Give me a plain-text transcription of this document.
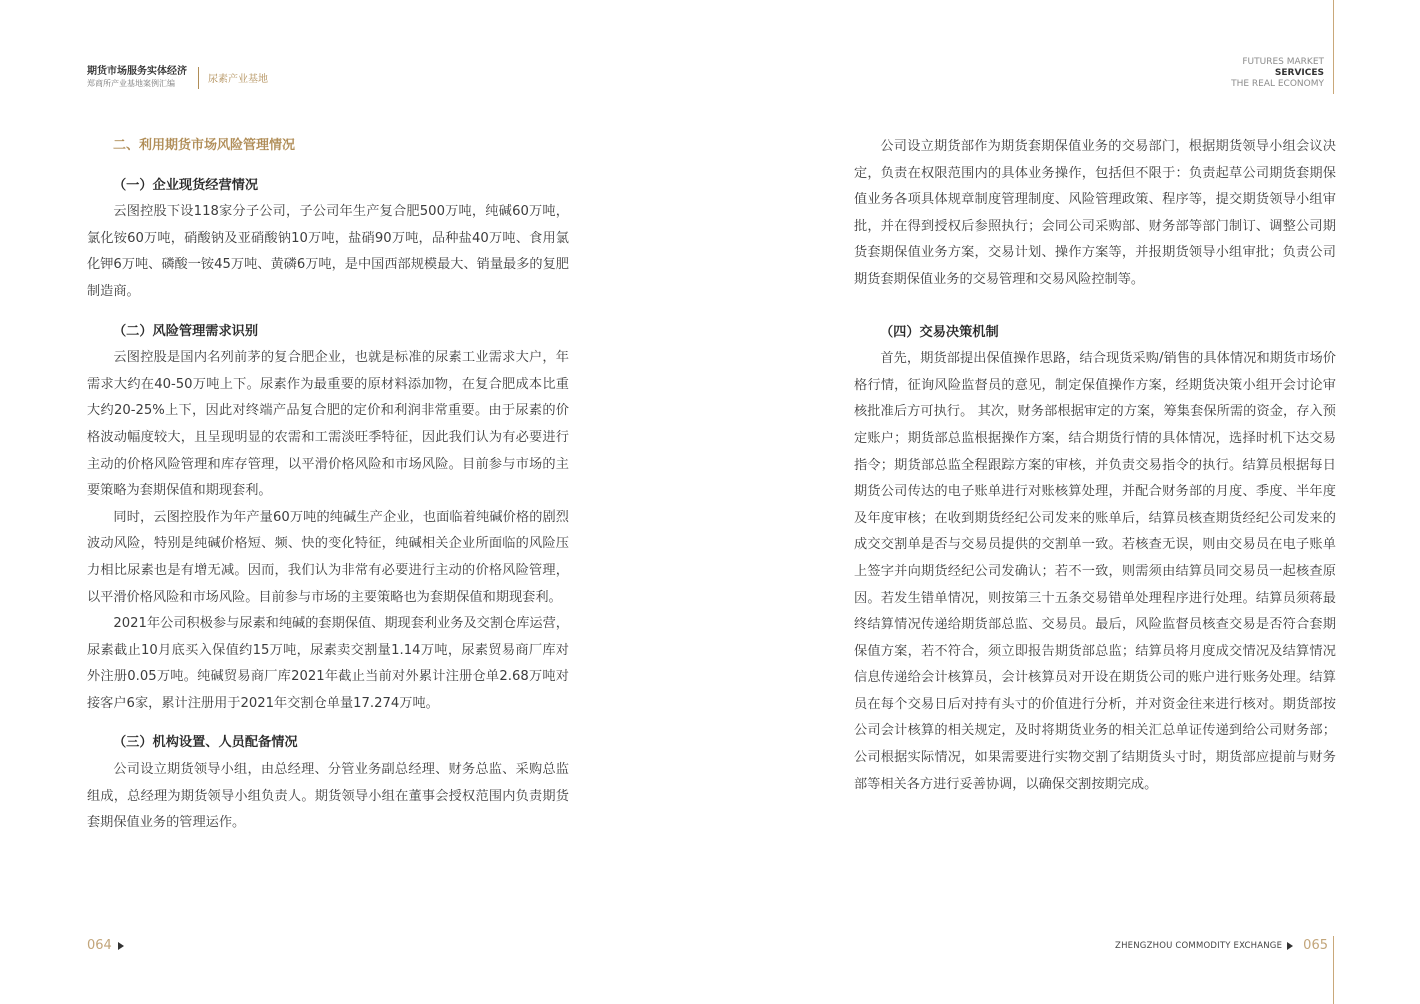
期货市场服务实体经济
郑商所产业基地案例汇编	尿素产业基地
FUTURES MARKET
SERVICES
THE REAL ECONOMY
二、利用期货市场风险管理情况
（一）企业现货经营情况

云图控股下设118家分子公司，子公司年生产复合肥500万吨，纯碱60万吨，氯化铵60万吨，硝酸钠及亚硝酸钠10万吨，盐硝90万吨，品种盐40万吨、食用氯化钾6万吨、磷酸一铵45万吨、黄磷6万吨，是中国西部规模最大、销量最多的复肥制造商。

（二）风险管理需求识别

云图控股是国内名列前茅的复合肥企业，也就是标准的尿素工业需求大户，年需求大约在40-50万吨上下。尿素作为最重要的原材料添加物，在复合肥成本比重大约20-25%上下，因此对终端产品复合肥的定价和利润非常重要。由于尿素的价格波动幅度较大，且呈现明显的农需和工需淡旺季特征，因此我们认为有必要进行主动的价格风险管理和库存管理，以平滑价格风险和市场风险。目前参与市场的主要策略为套期保值和期现套利。

同时，云图控股作为年产量60万吨的纯碱生产企业，也面临着纯碱价格的剧烈波动风险，特别是纯碱价格短、频、快的变化特征，纯碱相关企业所面临的风险压力相比尿素也是有增无减。因而，我们认为非常有必要进行主动的价格风险管理，以平滑价格风险和市场风险。目前参与市场的主要策略也为套期保值和期现套利。

2021年公司积极参与尿素和纯碱的套期保值、期现套利业务及交割仓库运营，尿素截止10月底买入保值约15万吨，尿素卖交割量1.14万吨，尿素贸易商厂库对外注册0.05万吨。纯碱贸易商厂库2021年截止当前对外累计注册仓单2.68万吨对接客户6家，累计注册用于2021年交割仓单量17.274万吨。

（三）机构设置、人员配备情况

公司设立期货领导小组，由总经理、分管业务副总经理、财务总监、采购总监组成，总经理为期货领导小组负责人。期货领导小组在董事会授权范围内负责期货套期保值业务的管理运作。

公司设立期货部作为期货套期保值业务的交易部门，根据期货领导小组会议决定，负责在权限范围内的具体业务操作，包括但不限于：负责起草公司期货套期保值业务各项具体规章制度管理制度、风险管理政策、程序等，提交期货领导小组审批，并在得到授权后参照执行；会同公司采购部、财务部等部门制订、调整公司期货套期保值业务方案，交易计划、操作方案等，并报期货领导小组审批；负责公司期货套期保值业务的交易管理和交易风险控制等。

（四）交易决策机制

首先，期货部提出保值操作思路，结合现货采购/销售的具体情况和期货市场价格行情，征询风险监督员的意见，制定保值操作方案，经期货决策小组开会讨论审核批准后方可执行。 其次，财务部根据审定的方案，筹集套保所需的资金，存入预定账户；期货部总监根据操作方案，结合期货行情的具体情况，选择时机下达交易指令；期货部总监全程跟踪方案的审核，并负责交易指令的执行。结算员根据每日期货公司传达的电子账单进行对账核算处理，并配合财务部的月度、季度、半年度及年度审核；在收到期货经纪公司发来的账单后，结算员核查期货经纪公司发来的成交交割单是否与交易员提供的交割单一致。若核查无误，则由交易员在电子账单上签字并向期货经纪公司发确认；若不一致，则需须由结算员同交易员一起核查原因。若发生错单情况，则按第三十五条交易错单处理程序进行处理。结算员须蒋最终结算情况传递给期货部总监、交易员。最后，风险监督员核查交易是否符合套期保值方案，若不符合，须立即报告期货部总监；结算员将月度成交情况及结算情况信息传递给会计核算员，会计核算员对开设在期货公司的账户进行账务处理。结算员在每个交易日后对持有头寸的价值进行分析，并对资金往来进行核对。期货部按公司会计核算的相关规定，及时将期货业务的相关汇总单证传递到给公司财务部；公司根据实际情况，如果需要进行实物交割了结期货头寸时，期货部应提前与财务部等相关各方进行妥善协调，以确保交割按期完成。

064	ZHENGZHOU COMMODITY EXCHANGE 065
